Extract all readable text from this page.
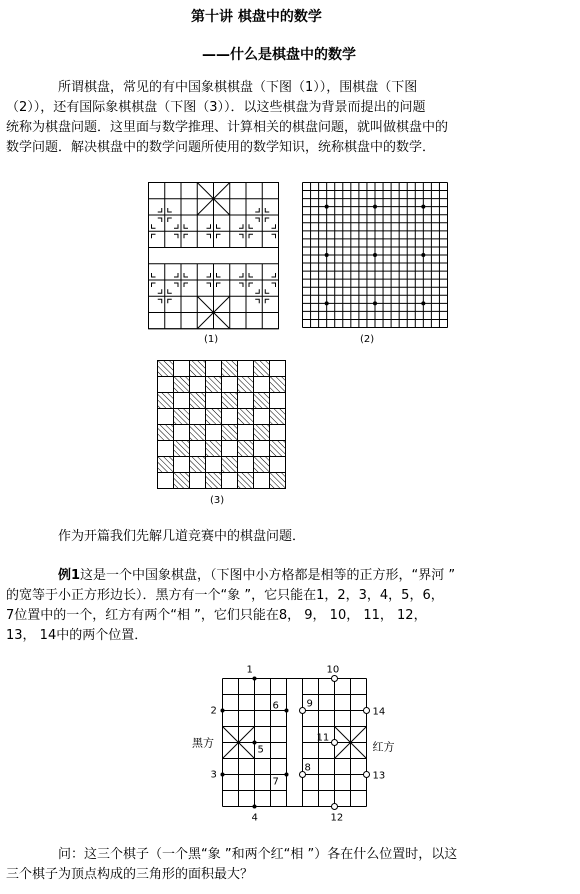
第十讲 棋盘中的数学
——什么是棋盘中的数学
所谓棋盘，常见的有中国象棋棋盘（下图（1）），围棋盘（下图
（2）），还有国际象棋棋盘（下图（3））．以这些棋盘为背景而提出的问题
统称为棋盘问题．这里面与数学推理、计算相关的棋盘问题，就叫做棋盘中的
数学问题．解决棋盘中的数学问题所使用的数学知识，统称棋盘中的数学．
(1)	(2)
(3)
作为开篇我们先解几道竞赛中的棋盘问题．
例1这是一个中国象棋盘，（下图中小方格都是相等的正方形，“界河 ”
的宽等于小正方形边长）．黑方有一个“象 ”，它只能在1，2，3，4，5，6，
7位置中的一个，红方有两个“相 ”，它们只能在8， 9， 10， 11， 12，
13， 14中的两个位置．
1
2
3
4
5
6
7
8
9
10
11
12
13
14
黑方	红方
问：这三个棋子（一个黑“象 ”和两个红“相 ”）各在什么位置时，以这
三个棋子为顶点构成的三角形的面积最大？
